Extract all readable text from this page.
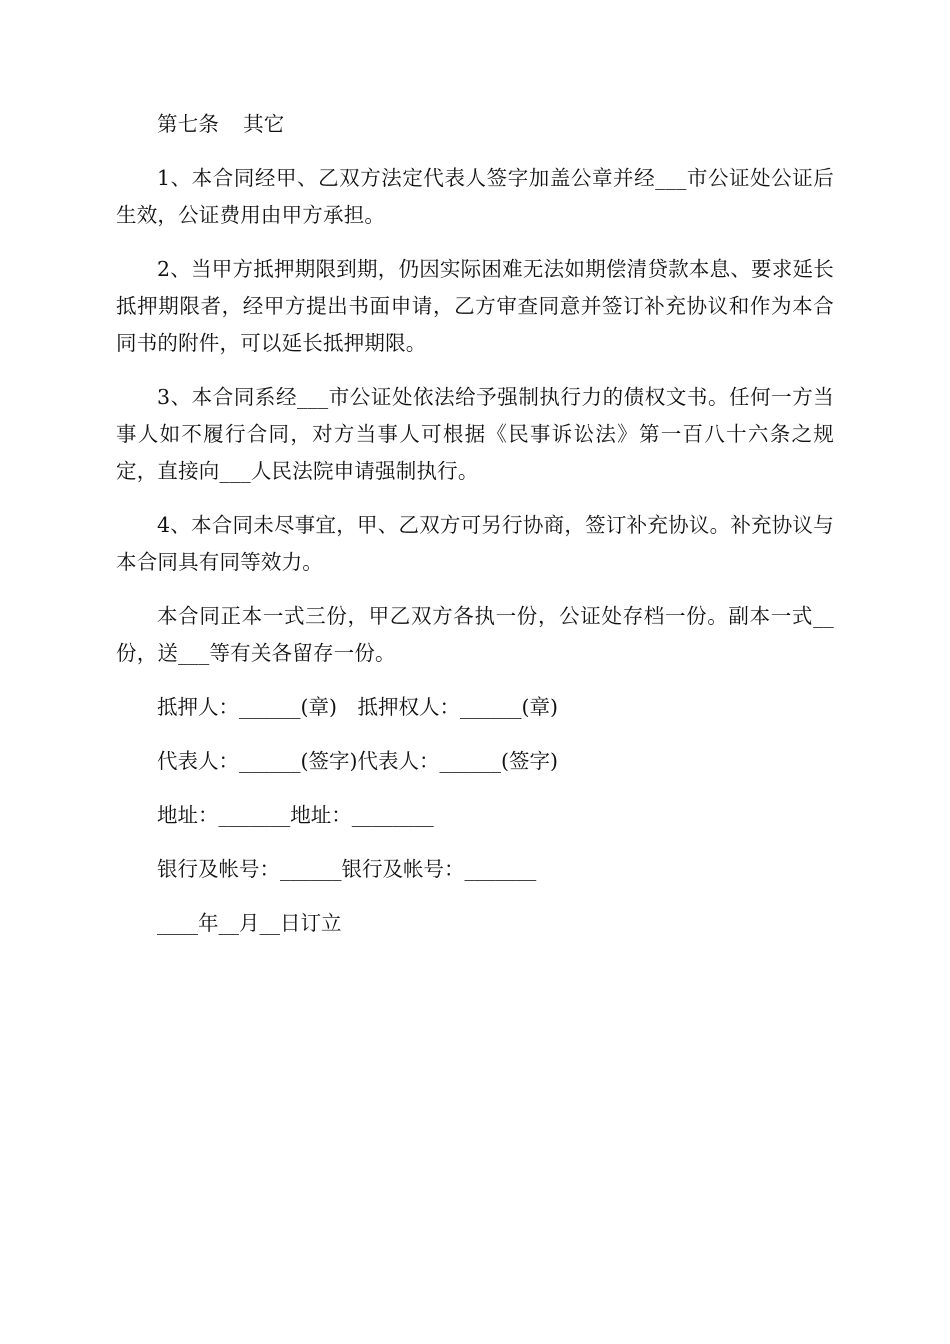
第七条 其它

1、本合同经甲、乙双方法定代表人签字加盖公章并经___市公证处公证后生效，公证费用由甲方承担。

2、当甲方抵押期限到期，仍因实际困难无法如期偿清贷款本息、要求延长抵押期限者，经甲方提出书面申请，乙方审查同意并签订补充协议和作为本合同书的附件，可以延长抵押期限。

3、本合同系经___市公证处依法给予强制执行力的债权文书。任何一方当事人如不履行合同，对方当事人可根据《民事诉讼法》第一百八十六条之规定，直接向___人民法院申请强制执行。

4、本合同未尽事宜，甲、乙双方可另行协商，签订补充协议。补充协议与本合同具有同等效力。

本合同正本一式三份，甲乙双方各执一份，公证处存档一份。副本一式__份，送___等有关各留存一份。

抵押人：______(章)　抵押权人：______(章)

代表人：______(签字)代表人：______(签字)

地址：_______地址：________

银行及帐号：______银行及帐号：_______

____年__月__日订立
